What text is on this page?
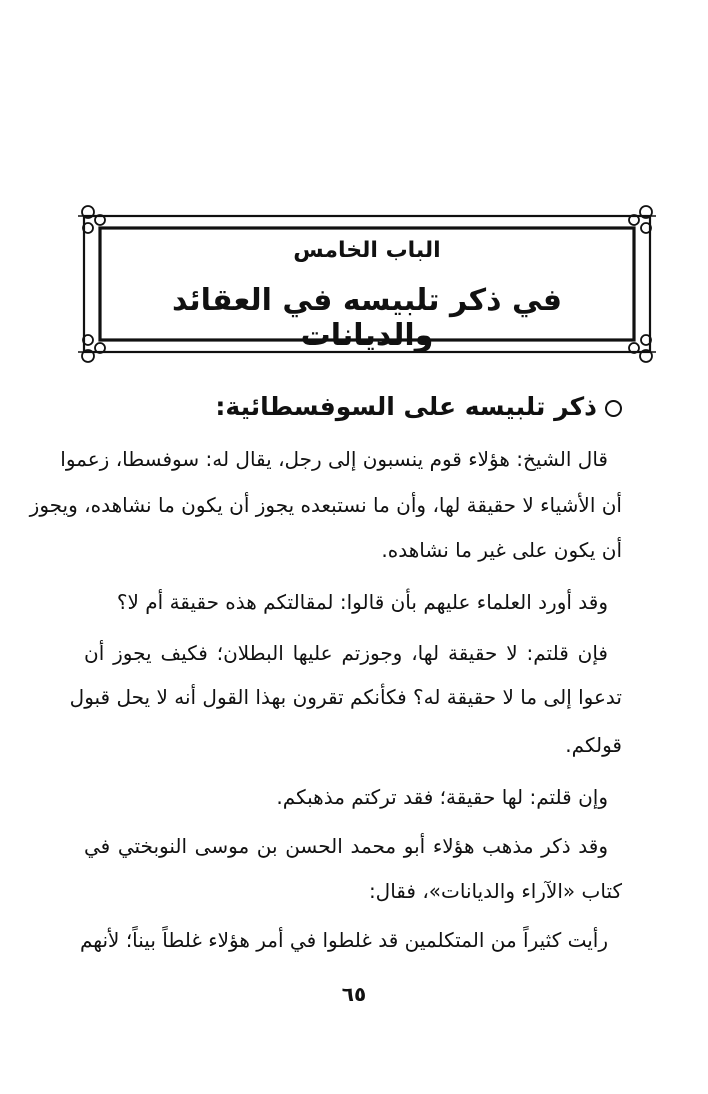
الباب الخامس
في ذكر تلبيسه في العقائد والديانات
ذكر تلبيسه على السوفسطائية:
قال الشيخ: هؤلاء قوم ينسبون إلى رجل، يقال له: سوفسطا، زعموا
أن الأشياء لا حقيقة لها، وأن ما نستبعده يجوز أن يكون ما نشاهده، ويجوز
أن يكون على غير ما نشاهده.
وقد أورد العلماء عليهم بأن قالوا: لمقالتكم هذه حقيقة أم لا؟
فإن قلتم: لا حقيقة لها، وجوزتم عليها البطلان؛ فكيف يجوز أن
تدعوا إلى ما لا حقيقة له؟ فكأنكم تقرون بهذا القول أنه لا يحل قبول
قولكم.
وإن قلتم: لها حقيقة؛ فقد تركتم مذهبكم.
وقد ذكر مذهب هؤلاء أبو محمد الحسن بن موسى النوبختي في
كتاب «الآراء والديانات»، فقال:
رأيت كثيراً من المتكلمين قد غلطوا في أمر هؤلاء غلطاً بيناً؛ لأنهم
٦٥
